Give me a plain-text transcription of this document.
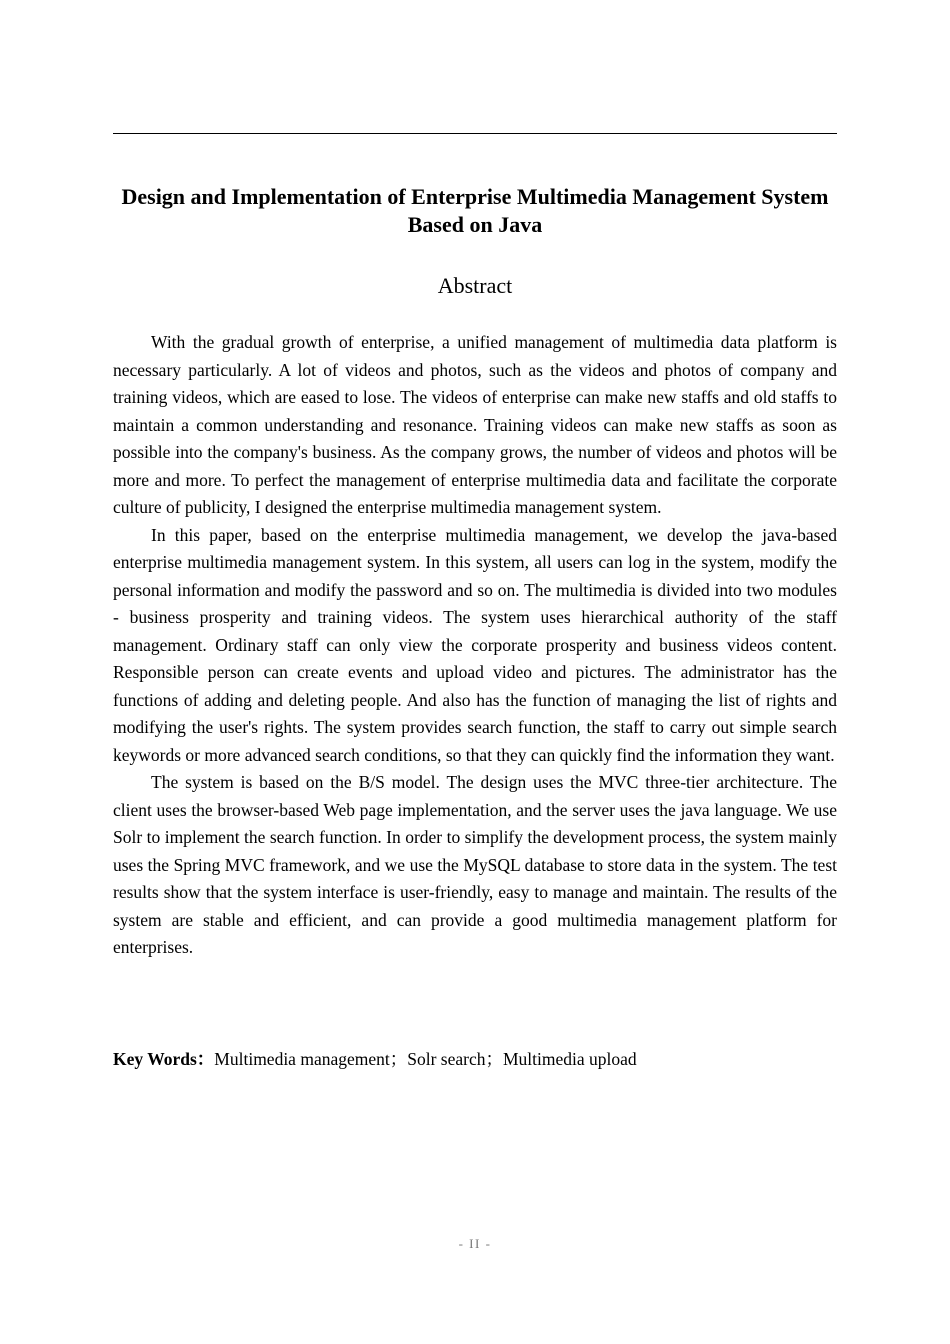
Design and Implementation of Enterprise Multimedia Management System Based on Java
Abstract

With the gradual growth of enterprise, a unified management of multimedia data platform is necessary particularly. A lot of videos and photos, such as the videos and photos of company and training videos, which are eased to lose. The videos of enterprise can make new staffs and old staffs to maintain a common understanding and resonance. Training videos can make new staffs as soon as possible into the company's business. As the company grows, the number of videos and photos will be more and more. To perfect the management of enterprise multimedia data and facilitate the corporate culture of publicity, I designed the enterprise multimedia management system.

In this paper, based on the enterprise multimedia management, we develop the java-based enterprise multimedia management system. In this system, all users can log in the system, modify the personal information and modify the password and so on. The multimedia is divided into two modules - business prosperity and training videos. The system uses hierarchical authority of the staff management. Ordinary staff can only view the corporate prosperity and business videos content. Responsible person can create events and upload video and pictures. The administrator has the functions of adding and deleting people. And also has the function of managing the list of rights and modifying the user's rights. The system provides search function, the staff to carry out simple search keywords or more advanced search conditions, so that they can quickly find the information they want.

The system is based on the B/S model. The design uses the MVC three-tier architecture. The client uses the browser-based Web page implementation, and the server uses the java language. We use Solr to implement the search function. In order to simplify the development process, the system mainly uses the Spring MVC framework, and we use the MySQL database to store data in the system. The test results show that the system interface is user-friendly, easy to manage and maintain. The results of the system are stable and efficient, and can provide a good multimedia management platform for enterprises.

Key Words：Multimedia management；Solr search；Multimedia upload

- II -
